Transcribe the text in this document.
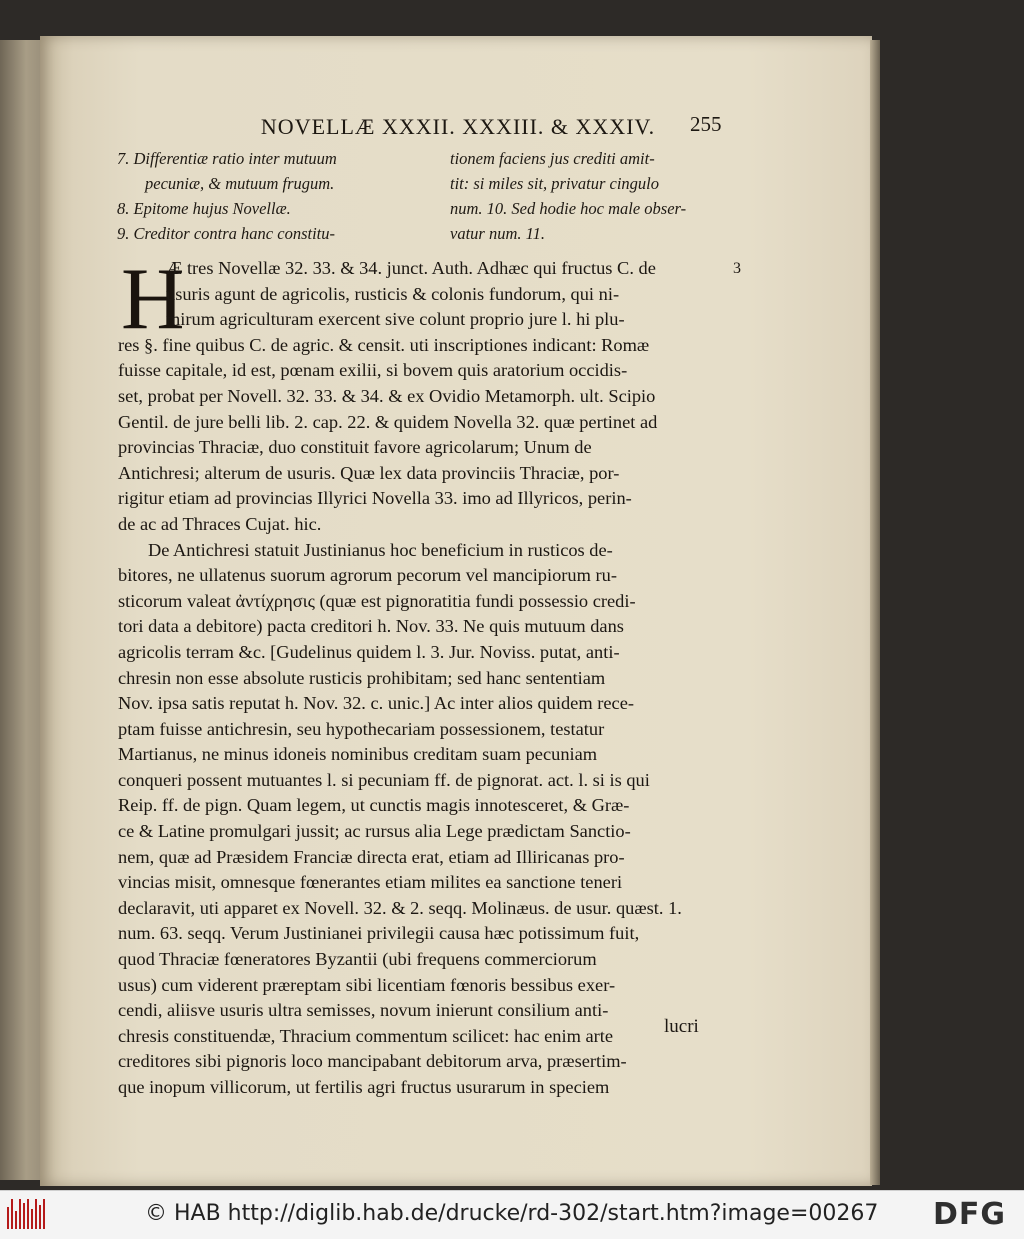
NOVELLÆ XXXII. XXXIII. & XXXIV.	255
7. Differentiæ ratio inter mutuum
pecuniæ, & mutuum frugum.
8. Epitome hujus Novellæ.
9. Creditor contra hanc constitu-
tionem faciens jus crediti amit-
tit: si miles sit, privatur cingulo
num. 10. Sed hodie hoc male obser-
vatur num. 11.
H	3
Æ tres Novellæ 32. 33. & 34. junct. Auth. Adhæc qui fructus C. de
usuris agunt de agricolis, rusticis & colonis fundorum, qui ni-
mirum agriculturam exercent sive colunt proprio jure l. hi plu-
res §. fine quibus C. de agric. & censit. uti inscriptiones indicant: Romæ
fuisse capitale, id est, pœnam exilii, si bovem quis aratorium occidis-
set, probat per Novell. 32. 33. & 34. & ex Ovidio Metamorph. ult. Scipio
Gentil. de jure belli lib. 2. cap. 22. & quidem Novella 32. quæ pertinet ad
provincias Thraciæ, duo constituit favore agricolarum; Unum de
Antichresi; alterum de usuris. Quæ lex data provinciis Thraciæ, por-
rigitur etiam ad provincias Illyrici Novella 33. imo ad Illyricos, perin-
de ac ad Thraces Cujat. hic.
De Antichresi statuit Justinianus hoc beneficium in rusticos de-
bitores, ne ullatenus suorum agrorum pecorum vel mancipiorum ru-
sticorum valeat ἀντίχρησις (quæ est pignoratitia fundi possessio credi-
tori data a debitore) pacta creditori h. Nov. 33. Ne quis mutuum dans
agricolis terram &c. [Gudelinus quidem l. 3. Jur. Noviss. putat, anti-
chresin non esse absolute rusticis prohibitam; sed hanc sententiam
Nov. ipsa satis reputat h. Nov. 32. c. unic.] Ac inter alios quidem rece-
ptam fuisse antichresin, seu hypothecariam possessionem, testatur
Martianus, ne minus idoneis nominibus creditam suam pecuniam
conqueri possent mutuantes l. si pecuniam ff. de pignorat. act. l. si is qui
Reip. ff. de pign. Quam legem, ut cunctis magis innotesceret, & Græ-
ce & Latine promulgari jussit; ac rursus alia Lege prædictam Sanctio-
nem, quæ ad Præsidem Franciæ directa erat, etiam ad Illiricanas pro-
vincias misit, omnesque fœnerantes etiam milites ea sanctione teneri
declaravit, uti apparet ex Novell. 32. & 2. seqq. Molinæus. de usur. quæst. 1.
num. 63. seqq. Verum Justinianei privilegii causa hæc potissimum fuit,
quod Thraciæ fœneratores Byzantii (ubi frequens commerciorum
usus) cum viderent præreptam sibi licentiam fœnoris bessibus exer-
cendi, aliisve usuris ultra semisses, novum inierunt consilium anti-
chresis constituendæ, Thracium commentum scilicet: hac enim arte
creditores sibi pignoris loco mancipabant debitorum arva, præsertim-
que inopum villicorum, ut fertilis agri fructus usurarum in speciem
lucri
© HAB http://diglib.hab.de/drucke/rd-302/start.htm?image=00267 DFG
